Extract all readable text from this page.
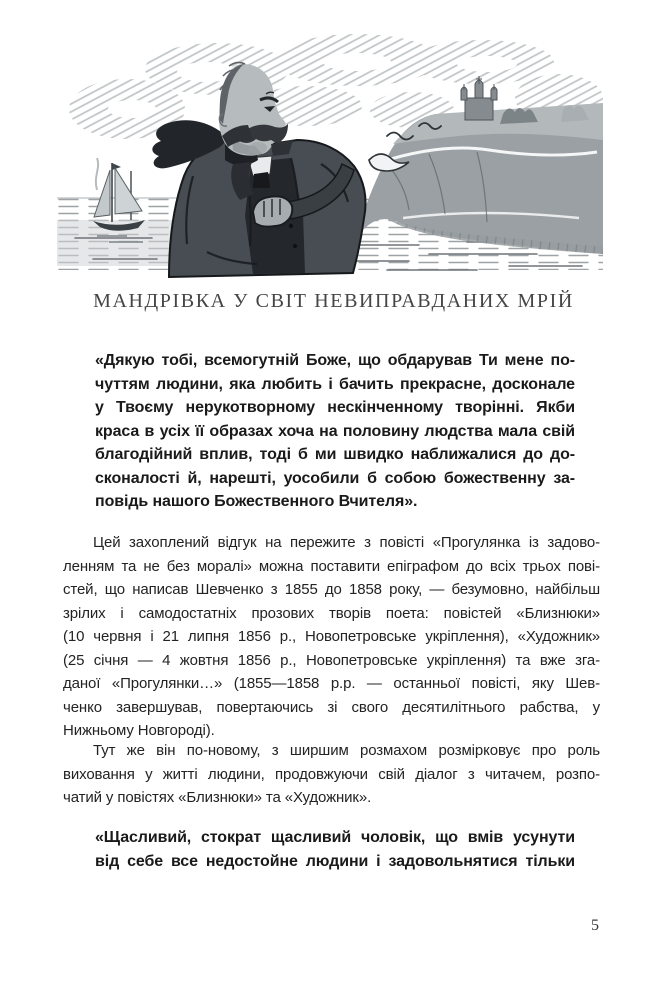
МАНДРІВКА У СВІТ НЕВИПРАВДАНИХ МРІЙ
«Дякую тобі, всемогутній Боже, що обдарував Ти мене по-
чуттям людини, яка любить і бачить прекрасне, досконале
у Твоєму нерукотворному нескінченному творінні. Якби
краса в усіх її образах хоча на половину людства мала свій
благодійний вплив, тоді б ми швидко наближалися до до-
сконалості й, нарешті, уособили б собою божественну за-
повідь нашого Божественного Вчителя».
Цей захоплений відгук на пережите з повісті «Прогулянка із задово-
ленням та не без моралі» можна поставити епіграфом до всіх трьох пові-
стей, що написав Шевченко з 1855 до 1858 року, — безумовно, найбільш
зрілих і самодостатніх прозових творів поета: повістей «Близнюки»
(10 червня і 21 липня 1856 р., Новопетровське укріплення), «Художник»
(25 січня — 4 жовтня 1856 р., Новопетровське укріплення) та вже зга-
даної «Прогулянки…» (1855—1858 р.р. — останньої повісті, яку Шев-
ченко завершував, повертаючись зі свого десятилітнього рабства, у
Нижньому Новгороді).
Тут же він по-новому, з ширшим розмахом розмірковує про роль
виховання у житті людини, продовжуючи свій діалог з читачем, розпо-
чатий у повістях «Близнюки» та «Художник».
«Щасливий, стократ щасливий чоловік, що вмів усунути
від себе все недостойне людини і задовольнятися тільки
5
